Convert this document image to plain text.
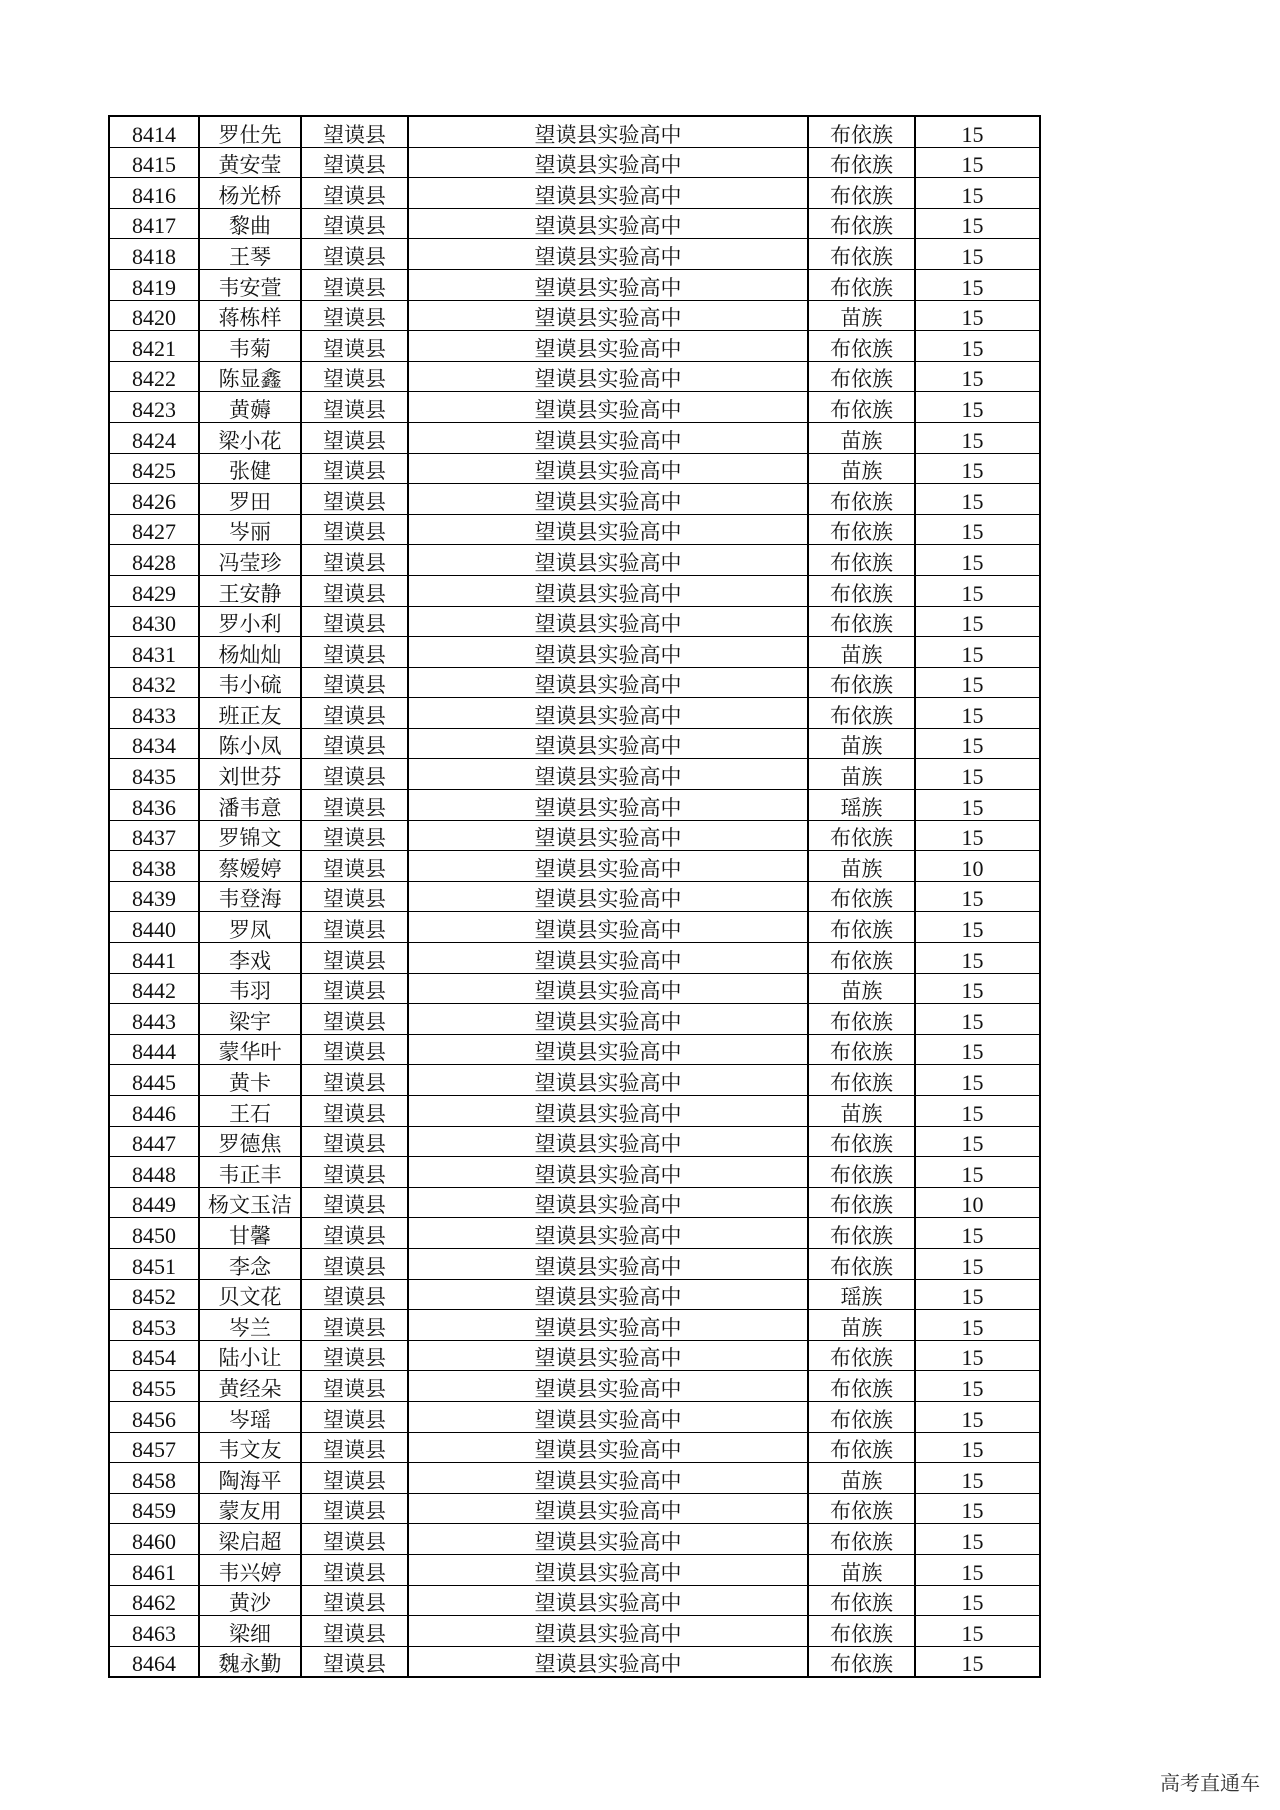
8414	罗仕先	望谟县	望谟县实验高中	布依族	15
8415	黄安莹	望谟县	望谟县实验高中	布依族	15
8416	杨光桥	望谟县	望谟县实验高中	布依族	15
8417	黎曲	望谟县	望谟县实验高中	布依族	15
8418	王琴	望谟县	望谟县实验高中	布依族	15
8419	韦安萱	望谟县	望谟县实验高中	布依族	15
8420	蒋栋样	望谟县	望谟县实验高中	苗族	15
8421	韦菊	望谟县	望谟县实验高中	布依族	15
8422	陈显鑫	望谟县	望谟县实验高中	布依族	15
8423	黄薅	望谟县	望谟县实验高中	布依族	15
8424	梁小花	望谟县	望谟县实验高中	苗族	15
8425	张健	望谟县	望谟县实验高中	苗族	15
8426	罗田	望谟县	望谟县实验高中	布依族	15
8427	岑丽	望谟县	望谟县实验高中	布依族	15
8428	冯莹珍	望谟县	望谟县实验高中	布依族	15
8429	王安静	望谟县	望谟县实验高中	布依族	15
8430	罗小利	望谟县	望谟县实验高中	布依族	15
8431	杨灿灿	望谟县	望谟县实验高中	苗族	15
8432	韦小硫	望谟县	望谟县实验高中	布依族	15
8433	班正友	望谟县	望谟县实验高中	布依族	15
8434	陈小凤	望谟县	望谟县实验高中	苗族	15
8435	刘世芬	望谟县	望谟县实验高中	苗族	15
8436	潘韦意	望谟县	望谟县实验高中	瑶族	15
8437	罗锦文	望谟县	望谟县实验高中	布依族	15
8438	蔡嫒婷	望谟县	望谟县实验高中	苗族	10
8439	韦登海	望谟县	望谟县实验高中	布依族	15
8440	罗凤	望谟县	望谟县实验高中	布依族	15
8441	李戏	望谟县	望谟县实验高中	布依族	15
8442	韦羽	望谟县	望谟县实验高中	苗族	15
8443	梁宇	望谟县	望谟县实验高中	布依族	15
8444	蒙华叶	望谟县	望谟县实验高中	布依族	15
8445	黄卡	望谟县	望谟县实验高中	布依族	15
8446	王石	望谟县	望谟县实验高中	苗族	15
8447	罗德焦	望谟县	望谟县实验高中	布依族	15
8448	韦正丰	望谟县	望谟县实验高中	布依族	15
8449	杨文玉洁	望谟县	望谟县实验高中	布依族	10
8450	甘馨	望谟县	望谟县实验高中	布依族	15
8451	李念	望谟县	望谟县实验高中	布依族	15
8452	贝文花	望谟县	望谟县实验高中	瑶族	15
8453	岑兰	望谟县	望谟县实验高中	苗族	15
8454	陆小让	望谟县	望谟县实验高中	布依族	15
8455	黄经朵	望谟县	望谟县实验高中	布依族	15
8456	岑瑶	望谟县	望谟县实验高中	布依族	15
8457	韦文友	望谟县	望谟县实验高中	布依族	15
8458	陶海平	望谟县	望谟县实验高中	苗族	15
8459	蒙友用	望谟县	望谟县实验高中	布依族	15
8460	梁启超	望谟县	望谟县实验高中	布依族	15
8461	韦兴婷	望谟县	望谟县实验高中	苗族	15
8462	黄沙	望谟县	望谟县实验高中	布依族	15
8463	梁细	望谟县	望谟县实验高中	布依族	15
8464	魏永勤	望谟县	望谟县实验高中	布依族	15
高考直通车
